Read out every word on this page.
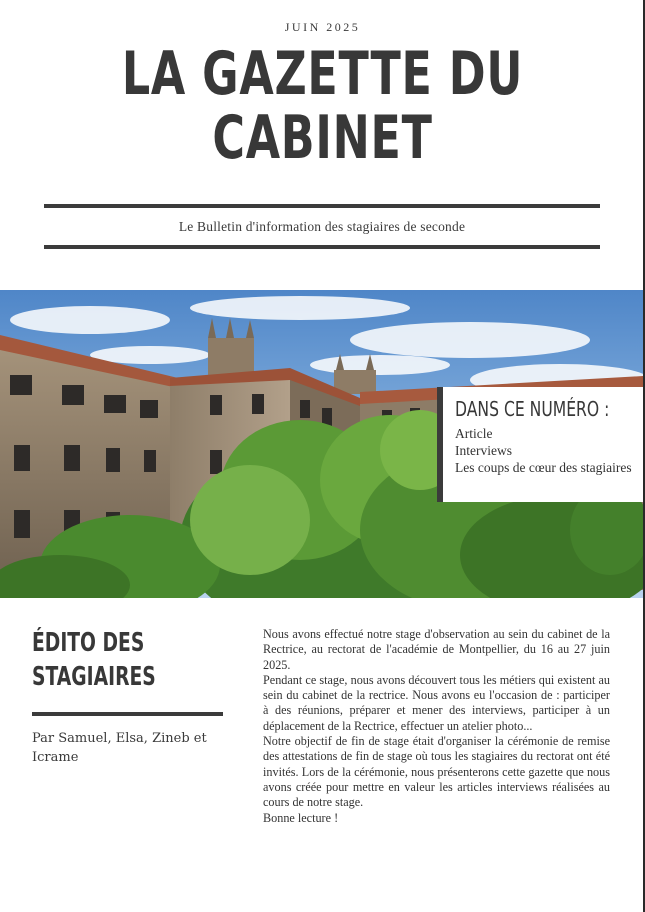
JUIN 2025
LA GAZETTE DU
CABINET
Le Bulletin d'information des stagiaires de seconde
DANS CE NUMÉRO :
Article
Interviews
Les coups de cœur des stagiaires
ÉDITO DES
STAGIAIRES
Par Samuel, Elsa, Zineb et Icrame

Nous avons effectué notre stage d'observation au sein du cabinet de la Rectrice, au rectorat de l'académie de Montpellier, du 16 au 27 juin 2025.

Pendant ce stage, nous avons découvert tous les métiers qui existent au sein du cabinet de la rectrice. Nous avons eu l'occasion de : participer à des réunions, préparer et mener des interviews, participer à un déplacement de la Rectrice, effectuer un atelier photo...

Notre objectif de fin de stage était d'organiser la cérémonie de remise des attestations de fin de stage où tous les stagiaires du rectorat ont été invités. Lors de la cérémonie, nous présenterons cette gazette que nous avons créée pour mettre en valeur les articles interviews réalisées au cours de notre stage.

Bonne lecture !
